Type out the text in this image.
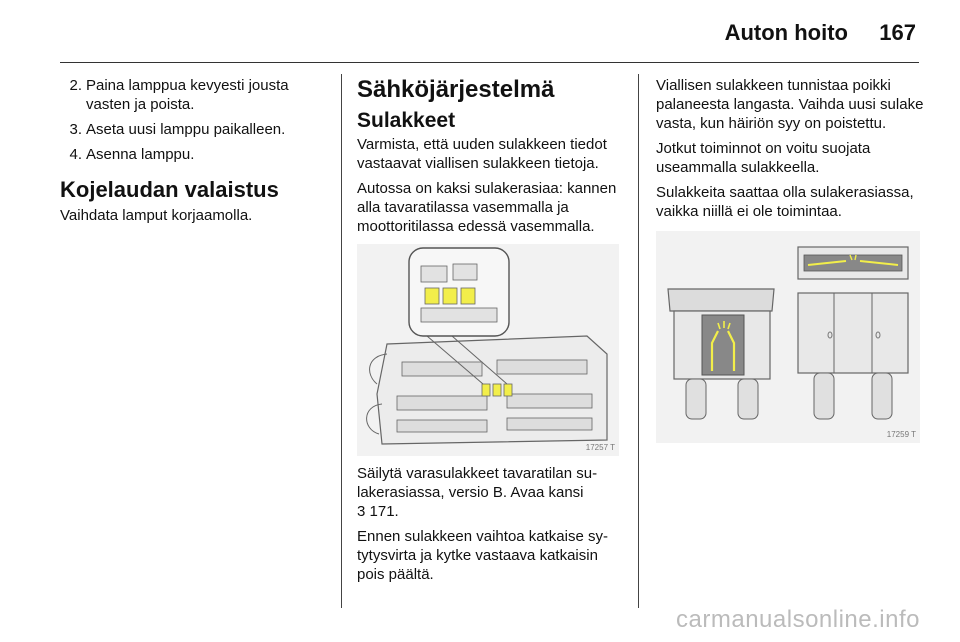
Auton hoito 167
2. Paina lamppua kevyesti jousta vasten ja poista.
3. Aseta uusi lamppu paikalleen.
4. Asenna lamppu.
Kojelaudan valaistus

Vaihdata lamput korjaamolla.

Sähköjärjestelmä
Sulakkeet

Varmista, että uuden sulakkeen tiedot vastaavat viallisen sulakkeen tietoja.

Autossa on kaksi sulakerasiaa: kannen alla tavaratilassa vasemmalla ja moottoritilassa edessä vasemmalla.

17257 T

Säilytä varasulakkeet tavaratilan sulakerasiassa, versio B. Avaa kansi
3 171.

Ennen sulakkeen vaihtoa katkaise sytytysvirta ja kytke vastaava katkaisin pois päältä.

Viallisen sulakkeen tunnistaa poikki palaneesta langasta. Vaihda uusi sulake vasta, kun häiriön syy on poistettu.

Jotkut toiminnot on voitu suojata useammalla sulakkeella.

Sulakkeita saattaa olla sulakerasiassa, vaikka niillä ei ole toimintaa.

17259 T
carmanualsonline.info
